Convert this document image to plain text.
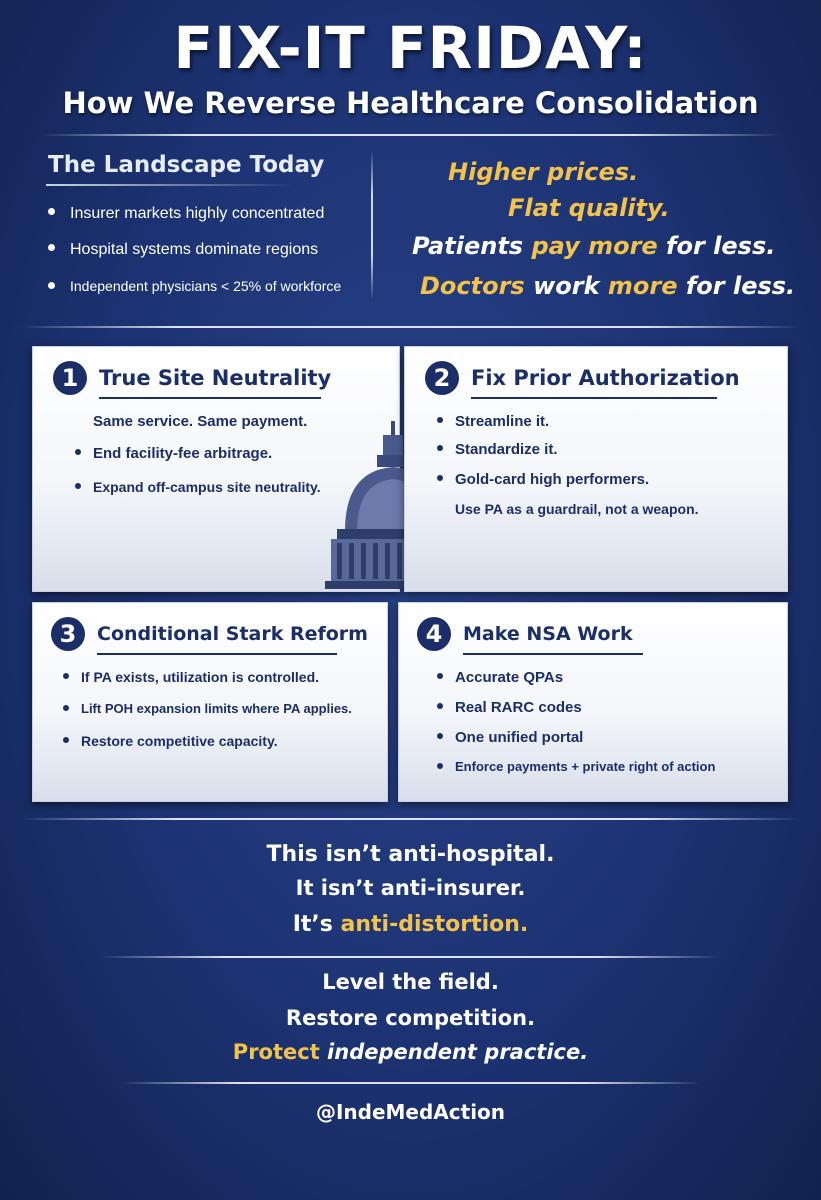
FIX-IT FRIDAY:
How We Reverse Healthcare Consolidation
The Landscape Today
Insurer markets highly concentrated
Hospital systems dominate regions
Independent physicians < 25% of workforce
Higher prices.
Flat quality.
Patients pay more for less.
Doctors work more for less.
1 True Site Neutrality
Same service. Same payment.
End facility-fee arbitrage.
Expand off-campus site neutrality.
2 Fix Prior Authorization
Streamline it.
Standardize it.
Gold-card high performers.
Use PA as a guardrail, not a weapon.
3	Conditional Stark Reform
If PA exists, utilization is controlled.
Lift POH expansion limits where PA applies.
Restore competitive capacity.
4	Make NSA Work
Accurate QPAs
Real RARC codes
One unified portal
Enforce payments + private right of action
This isn’t anti-hospital.
It isn’t anti-insurer.
It’s anti-distortion.
Level the field.
Restore competition.
Protect independent practice.
@IndeMedAction
